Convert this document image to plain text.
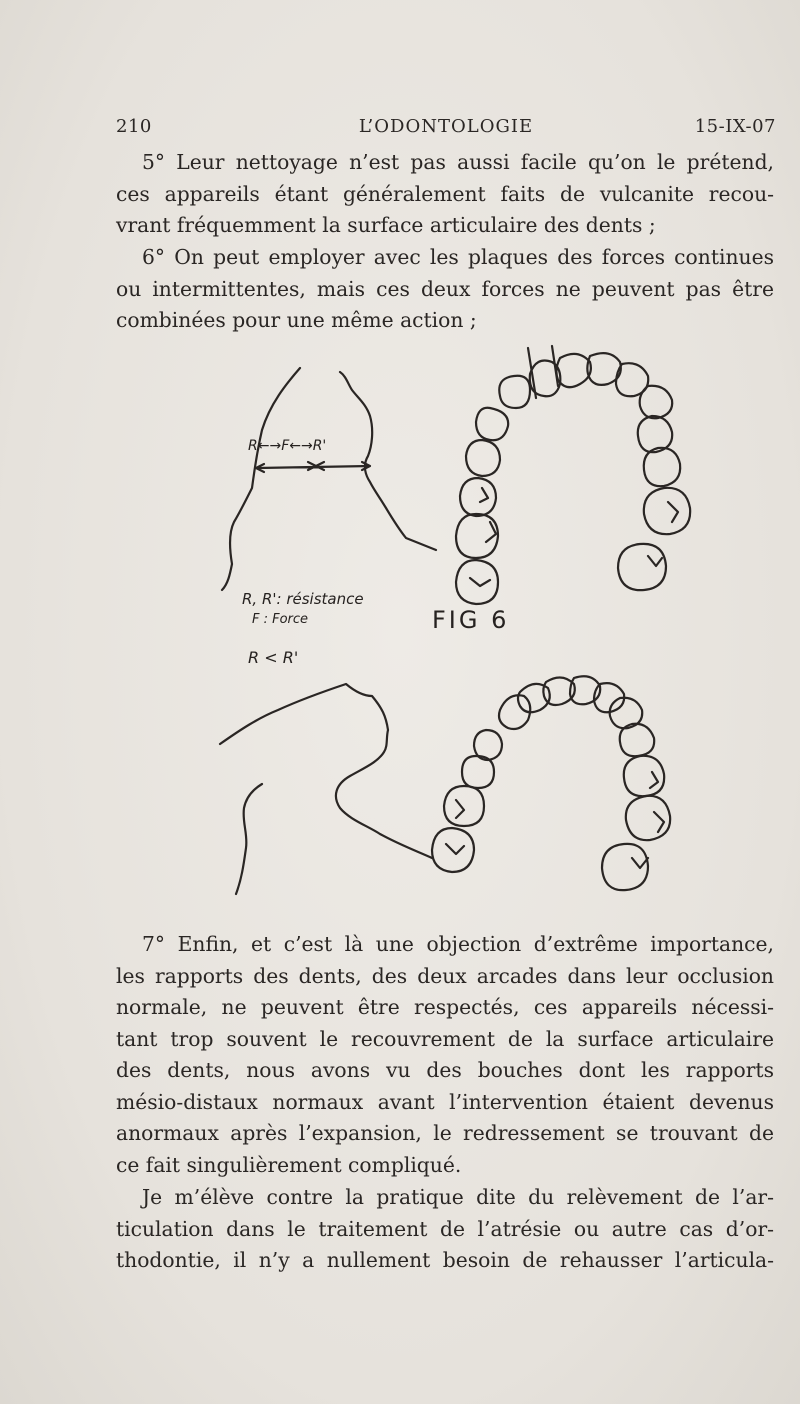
210	L’ODONTOLOGIE	15-IX-07

5° Leur nettoyage n’est pas aussi facile qu’on le prétend,
ces appareils étant généralement faits de vulcanite recou-
vrant fréquemment la surface articulaire des dents ;

6° On peut employer avec les plaques des forces continues
ou intermittentes, mais ces deux forces ne peuvent pas être
combinées pour une même action ;

R←→F←→R'
R, R': résistance
F : Force	FIG 6
R < R'

7° Enfin, et c’est là une objection d’extrême importance,
les rapports des dents, des deux arcades dans leur occlusion
normale, ne peuvent être respectés, ces appareils nécessi-
tant trop souvent le recouvrement de la surface articulaire
des dents, nous avons vu des bouches dont les rapports
mésio-distaux normaux avant l’intervention étaient devenus
anormaux après l’expansion, le redressement se trouvant de
ce fait singulièrement compliqué.

Je m’élève contre la pratique dite du relèvement de l’ar-
ticulation dans le traitement de l’atrésie ou autre cas d’or-
thodontie, il n’y a nullement besoin de rehausser l’articula-
